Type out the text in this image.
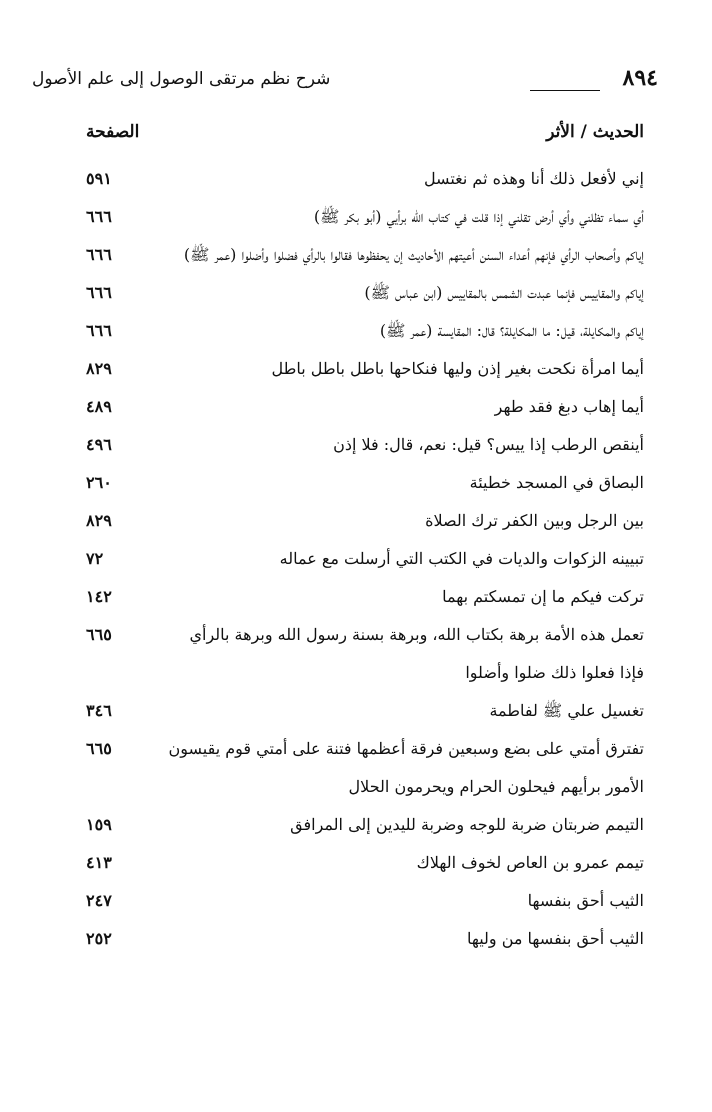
٨٩٤
شرح نظم مرتقى الوصول إلى علم الأصول
الحديث / الأثر
الصفحة
إني لأفعل ذلك أنا وهذه ثم نغتسل
٥٩١
أي سماء تظلني وأي أرض تقلني إذا قلت في كتاب الله برأيي (أبو بكر ﷺ)
٦٦٦
إياكم وأصحاب الرأي فإنهم أعداء السنن أعيتهم الأحاديث إن يحفظوها فقالوا بالرأي فضلوا وأضلوا (عمر ﷺ)
٦٦٦
إياكم والمقاييس فإنما عبدت الشمس بالمقاييس (ابن عباس ﷺ)
٦٦٦
إياكم والمكايلة، قيل: ما المكايلة؟ قال: المقايسة (عمر ﷺ)
٦٦٦
أيما امرأة نكحت بغير إذن وليها فنكاحها باطل باطل باطل
٨٢٩
أيما إهاب دبغ فقد طهر
٤٨٩
أينقص الرطب إذا ييس؟ قيل: نعم، قال: فلا إذن
٤٩٦
البصاق في المسجد خطيئة
٢٦٠
بين الرجل وبين الكفر ترك الصلاة
٨٢٩
تبيينه الزكوات والديات في الكتب التي أرسلت مع عماله
٧٢
تركت فيكم ما إن تمسكتم بهما
١٤٢
تعمل هذه الأمة برهة بكتاب الله، وبرهة بسنة رسول الله وبرهة بالرأي فإذا فعلوا ذلك ضلوا وأضلوا
٦٦٥
تغسيل علي ﷺ لفاطمة
٣٤٦
تفترق أمتي على بضع وسبعين فرقة أعظمها فتنة على أمتي قوم يقيسون الأمور برأيهم فيحلون الحرام ويحرمون الحلال
٦٦٥
التيمم ضربتان ضربة للوجه وضربة لليدين إلى المرافق
١٥٩
تيمم عمرو بن العاص لخوف الهلاك
٤١٣
الثيب أحق بنفسها
٢٤٧
الثيب أحق بنفسها من وليها
٢٥٢
